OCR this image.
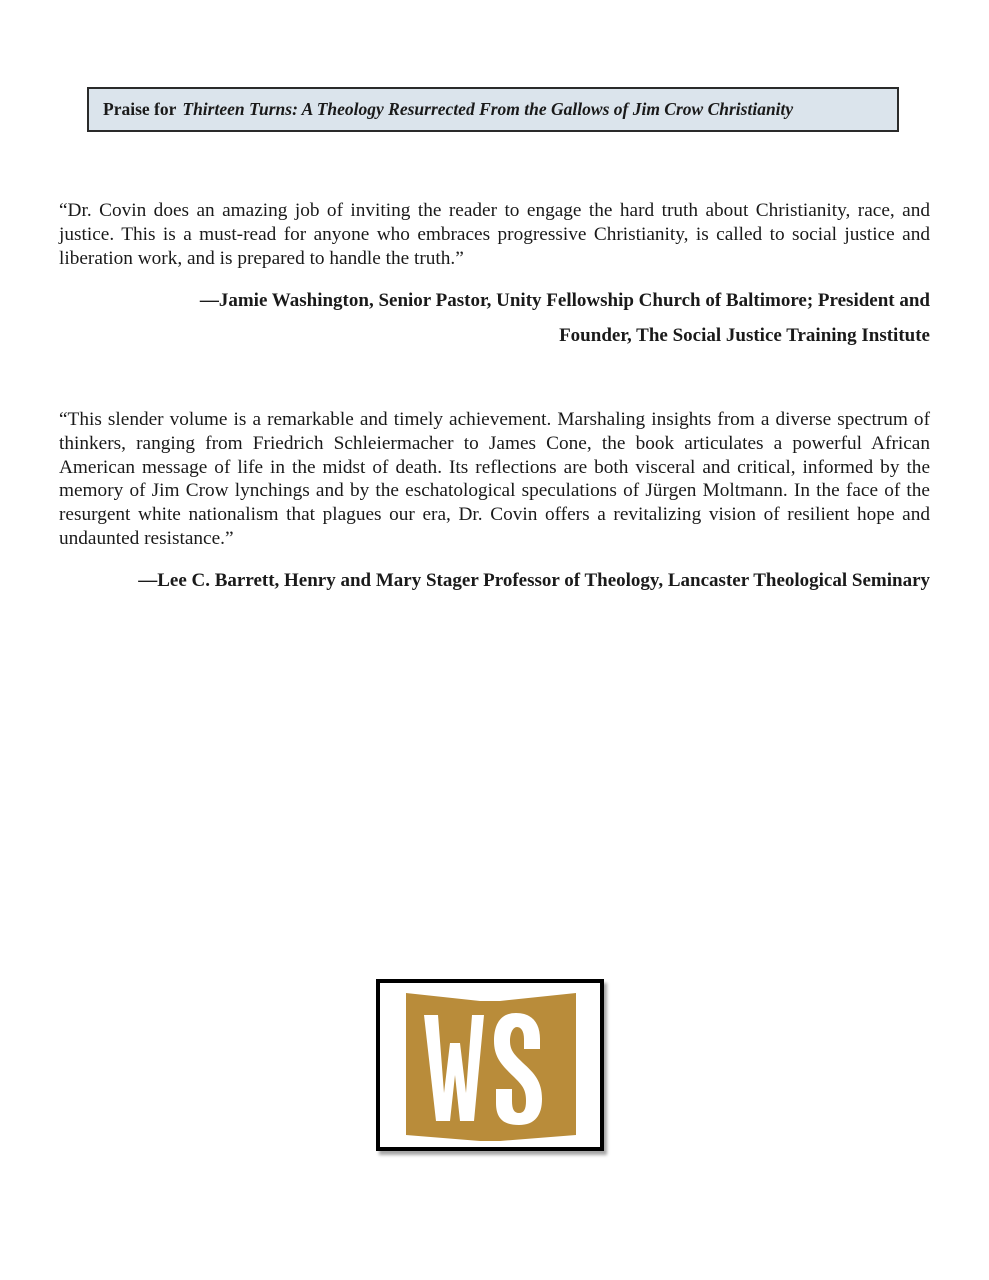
Praise for Thirteen Turns: A Theology Resurrected From the Gallows of Jim Crow Christianity

“Dr. Covin does an amazing job of inviting the reader to engage the hard truth about Christianity, race, and justice. This is a must-read for anyone who embraces progressive Christianity, is called to social justice and liberation work, and is prepared to handle the truth.”

—Jamie Washington, Senior Pastor, Unity Fellowship Church of Baltimore; President and

Founder, The Social Justice Training Institute

“This slender volume is a remarkable and timely achievement. Marshaling insights from a diverse spectrum of thinkers, ranging from Friedrich Schleiermacher to James Cone, the book articulates a powerful African American message of life in the midst of death. Its reflections are both visceral and critical, informed by the memory of Jim Crow lynchings and by the eschatological speculations of Jürgen Moltmann. In the face of the resurgent white nationalism that plagues our era, Dr. Covin offers a revitalizing vision of resilient hope and undaunted resistance.”

—Lee C. Barrett, Henry and Mary Stager Professor of Theology, Lancaster Theological Seminary
